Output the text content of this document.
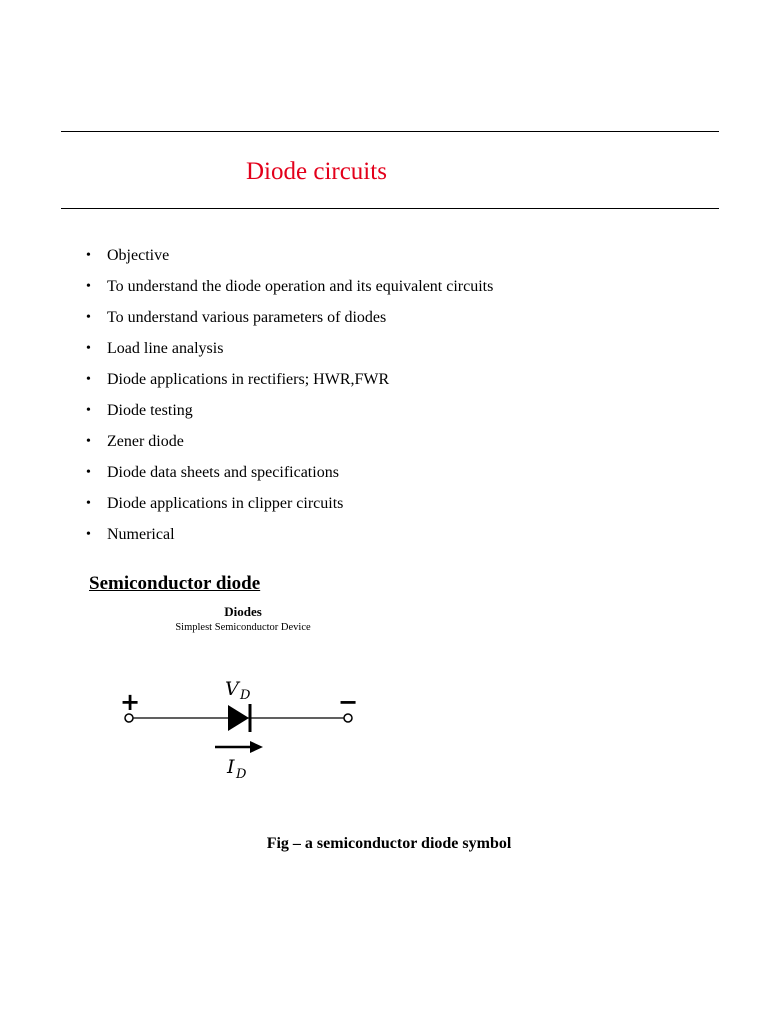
Diode circuits
•	Objective
•	To understand the diode operation and its equivalent circuits
•	To understand various parameters of diodes
•	Load line analysis
•	Diode applications in rectifiers; HWR,FWR
•	Diode testing
•	Zener diode
•	Diode data sheets and specifications
•	Diode applications in clipper circuits
•	Numerical
Semiconductor diode
Diodes
Simplest Semiconductor Device
+	−
V D
I D
Fig – a semiconductor diode symbol
